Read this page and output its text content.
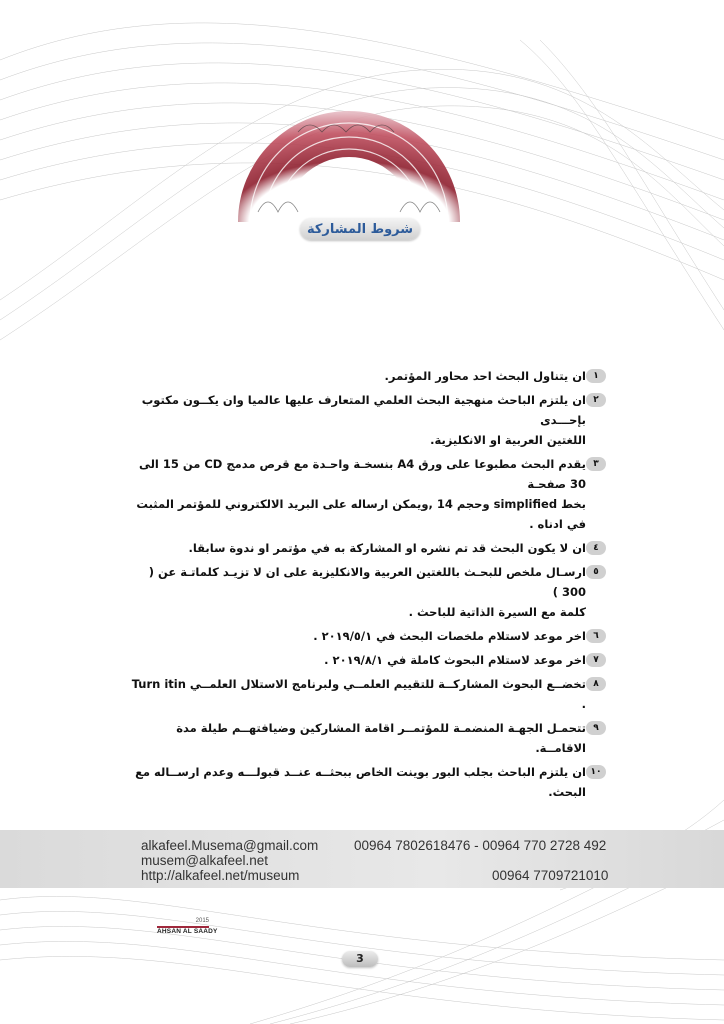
شروط المشاركة
١
ان يتناول البحث احد محاور المؤتمر.
٢
ان يلتزم الباحث منهجية البحث العلمي المتعارف عليها عالميا وان يكــون مكتوب بإحـــدى
اللغتين العربية او الانكليزية.
٣
يقدم البحث مطبوعا على ورق A4 بنسخـة واحـدة مع قرص مدمج CD من 15 الى 30 صفحـة
بخط simplified وحجم 14 ,ويمكن ارساله على البريد الالكتروني للمؤتمر المثبت في ادناه .
٤
ان لا يكون البحث قد تم نشره او المشاركة به في مؤتمر او ندوة سابقا.
٥
ارسـال ملخص للبحـث باللغتين العربية والانكليزية على ان لا تزيـد كلماتـة عن ( 300 )
كلمة مع السيرة الذاتية للباحث .
٦
اخر موعد لاستلام ملخصات البحث في ٢٠١٩/٥/١ .
٧
اخر موعد لاستلام البحوث كاملة في ٢٠١٩/٨/١ .
٨
تخضــع البحوث المشاركــة للتقييم العلمــي ولبرنامج الاستلال العلمــي Turn itin .
٩
تتحمـل الجهـة المنضمـة للمؤتمــر اقامة المشاركين وضيافتهــم طيلة مدة الاقامــة.
١٠
ان يلتزم الباحث بجلب البور بوينت الخاص ببحثــه عنــد قبولـــه وعدم ارســاله مع البحث.
alkafeel.Musema@gmail.com
musem@alkafeel.net
http://alkafeel.net/museum
00964 7802618476 - 00964 770 2728 492
00964 7709721010
2015
AHSAN AL SAADY
3
